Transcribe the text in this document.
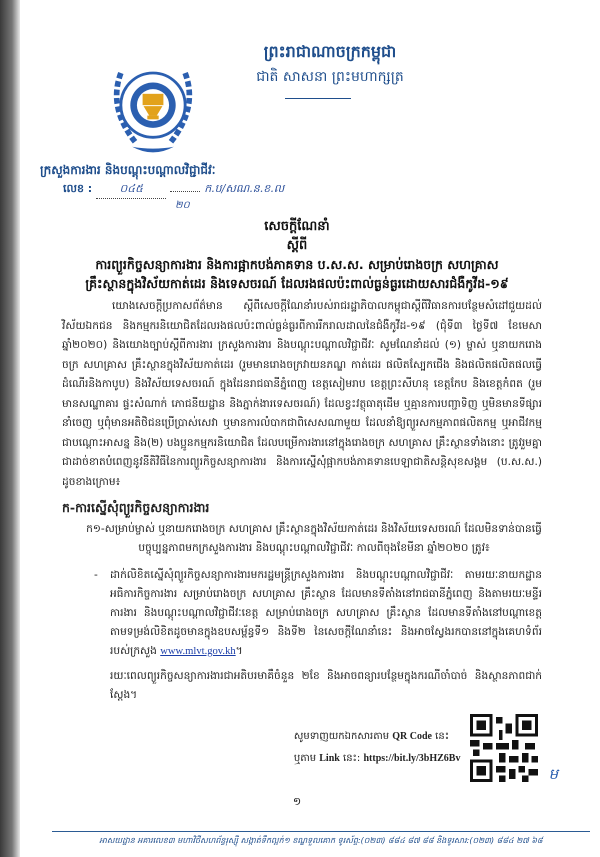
ព្រះរាជាណាចក្រកម្ពុជា
ជាតិ សាសនា ព្រះមហាក្សត្រ
ក្រសួងការងារ និងបណ្តុះបណ្តាលវិជ្ជាជីវៈ
លេខ :	០៤៥	ក.ប/សណ.ន.ខ.ល
២០
សេចក្តីណែនាំ
ស្តីពី
ការព្យួរកិច្ចសន្យាការងារ និងការផ្អាកបង់ភាគទាន ប.ស.ស. សម្រាប់រោងចក្រ សហគ្រាស
គ្រឹះស្ថានក្នុងវិស័យកាត់ដេរ និងទេសចរណ៍ ដែលរងផលប៉ះពាល់ធ្ងន់ធ្ងរដោយសារជំងឺកូវីដ-១៩
យោងសេចក្តីប្រកាសព័ត៌មាន ស្តីពីសេចក្តីណែនាំរបស់រាជរដ្ឋាភិបាលកម្ពុជាស្តីពីវិធានការបន្ថែមសំដៅជួយដល់វិស័យឯកជន និងកម្មករនិយោជិតដែលរងផលប៉ះពាល់ធ្ងន់ធ្ងរពីការរីករាលដាលនៃជំងឺកូវីដ-១៩ (ជុំទី៣ ថ្ងៃទី៧ ខែមេសា ឆ្នាំ២០២០) និងយោងច្បាប់ស្តីពីការងារ ក្រសួងការងារ និងបណ្តុះបណ្តាលវិជ្ជាជីវៈ សូមណែនាំដល់ (១) ម្ចាស់ ឬនាយករោងចក្រ សហគ្រាស គ្រឹះស្ថានក្នុងវិស័យកាត់ដេរ (រួមមានរោងចក្រវាយនភណ្ឌ កាត់ដេរ ផលិតស្បែកជើង និងផលិតផលិតផលធ្វើដំណើរនិងកាបូប) និងវិស័យទេសចរណ៍ ក្នុងដែនរាជធានីភ្នំពេញ ខេត្តសៀមរាប ខេត្តព្រះសីហនុ ខេត្តកែប និងខេត្តកំពត (រួមមានសណ្ឋាគារ ផ្ទះសំណាក់ ភោជនីយដ្ឋាន និងភ្នាក់ងារទេសចរណ៍) ដែលខ្វះវត្ថុធាតុដើម ឬគ្មានការបញ្ជាទិញ ឬមិនមានទីផ្សារនាំចេញ ឬពុំមានអតិថិជនប្រើប្រាស់សេវា ឬមានការលំបាកជាពិសេសណាមួយ ដែលនាំឱ្យព្យួរសកម្មភាពផលិតកម្ម ឬអាជីវកម្មជាបណ្តោះអាសន្ន និង(២) បងប្អូនកម្មករនិយោជិត ដែលបម្រើការងារនៅក្នុងរោងចក្រ សហគ្រាស គ្រឹះស្ថានទាំងនោះ ត្រូវរួមគ្នាជាដាច់ខាតបំពេញនូវនីតិវិធីនៃការព្យួរកិច្ចសន្យាការងារ និងការស្នើសុំផ្អាកបង់ភាគទានបេឡាជាតិសន្តិសុខសង្គម (ប.ស.ស.) ដូចខាងក្រោម៖
ក-ការស្នើសុំព្យួរកិច្ចសន្យាការងារ
ក១-សម្រាប់ម្ចាស់ ឬនាយករោងចក្រ សហគ្រាស គ្រឹះស្ថានក្នុងវិស័យកាត់ដេរ និងវិស័យទេសចរណ៍ ដែលមិនទាន់បានធ្វើបច្ចុប្បន្នភាពមកក្រសួងការងារ និងបណ្តុះបណ្តាលវិជ្ជាជីវៈ កាលពីចុងខែមីនា ឆ្នាំ២០២០ ត្រូវ៖
- ដាក់លិខិតស្នើសុំព្យួរកិច្ចសន្យាការងារមករដ្ឋមន្រ្តីក្រសួងការងារ និងបណ្តុះបណ្តាលវិជ្ជាជីវៈ តាមរយៈនាយកដ្ឋានអធិការកិច្ចការងារ សម្រាប់រោងចក្រ សហគ្រាស គ្រឹះស្ថាន ដែលមានទីតាំងនៅរាជធានីភ្នំពេញ និងតាមរយៈមន្ទីរការងារ និងបណ្តុះបណ្តាលវិជ្ជាជីវៈខេត្ត សម្រាប់រោងចក្រ សហគ្រាស គ្រឹះស្ថាន ដែលមានទីតាំងនៅបណ្តាខេត្ត តាមទម្រង់លិខិតដូចមានក្នុងឧបសម្ព័ន្ធទី១ និងទី២ នៃសេចក្តីណែនាំនេះ និងអាចស្វែងរកបាននៅក្នុងគេហទំព័ររបស់ក្រសួង www.mlvt.gov.kh។
រយៈពេលព្យួរកិច្ចសន្យាការងារជាអតិបរមាគឺចំនួន ២ខែ និងអាចពន្យារបន្ថែមក្នុងករណីចាំបាច់ និងស្ថានភាពជាក់ស្តែង។
សូមទាញយកឯកសារតាម QR Code នេះ
ឬតាម Link នេះ: https://bit.ly/3bHZ6Bv
ម
១
អាសយដ្ឋាន អគារលេខ៣ មហាវិថីសហព័ន្ធរុស្ស៊ី សង្កាត់ទឹកល្អក់១ ខណ្ឌទួលគោក ទូរស័ព្ទ:(០២៣) ៨៨៤ ៨៧ ៨៨ និងទូរសារ:(០២៣) ៨៨៤ ២៧ ៦៨
